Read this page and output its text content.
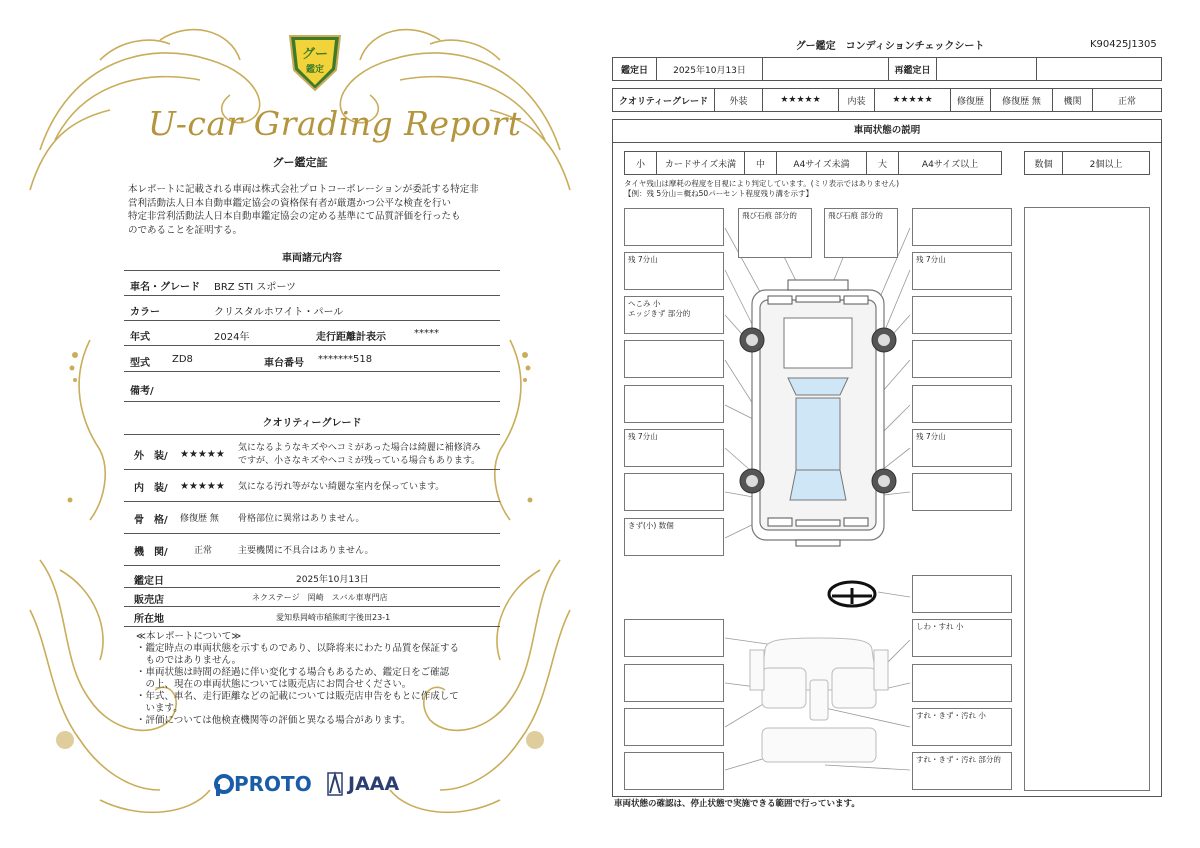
グー
鑑定
U-car Grading Report
グー鑑定証
本レポートに記載される車両は株式会社プロトコーポレーションが委託する特定非
営利活動法人日本自動車鑑定協会の資格保有者が厳選かつ公平な検査を行い
特定非営利活動法人日本自動車鑑定協会の定める基準にて品質評価を行ったも
のであることを証明する。
車両諸元内容
車名・グレード BRZ STI スポーツ
カラー	クリスタルホワイト・パール
年式	2024年	走行距離計表示	*****
型式 ZD8	車台番号 *******518
備考/
クオリティーグレード
外　装/ ★★★★★
気になるようなキズやヘコミがあった場合は綺麗に補修済み
ですが、小さなキズやヘコミが残っている場合もあります。
内　装/ ★★★★★ 気になる汚れ等がない綺麗な室内を保っています。
骨　格/ 修復歴 無 骨格部位に異常はありません。
機　関/	正常	主要機関に不具合はありません。
鑑定日	2025年10月13日
販売店	ネクステージ　岡崎　スバル車専門店
所在地	愛知県岡崎市稲熊町字後田23-1
≪本レポートについて≫
・鑑定時点の車両状態を示すものであり、以降将来にわたり品質を保証する
　ものではありません。
・車両状態は時間の経過に伴い変化する場合もあるため、鑑定日をご確認
　の上、現在の車両状態については販売店にお問合せください。
・年式、車名、走行距離などの記載については販売店申告をもとに作成して
　います。
・評価については他検査機関等の評価と異なる場合があります。
PROTO JAAA
グー鑑定　コンディションチェックシート	K90425J1305
鑑定日	2025年10月13日		再鑑定日		
クオリティーグレード	外装	★★★★★	内装	★★★★★	修復歴	修復歴 無	機関	正常
車両状態の説明
小	カードサイズ未満	中	A4サイズ未満	大	A4サイズ以上	数個	2個以上
タイヤ残山は摩耗の程度を目視により判定しています。(ミリ表示ではありません)
【例：残 5分山＝概ね50パーセント程度残り溝を示す】
残 7分山
へこみ 小
エッジきず 部分的
残 7分山
きず(小) 数個
飛び石痕 部分的	飛び石痕 部分的
残 7分山
残 7分山
しわ・すれ 小
すれ・きず・汚れ 小
すれ・きず・汚れ 部分的
車両状態の確認は、停止状態で実施できる範囲で行っています。
